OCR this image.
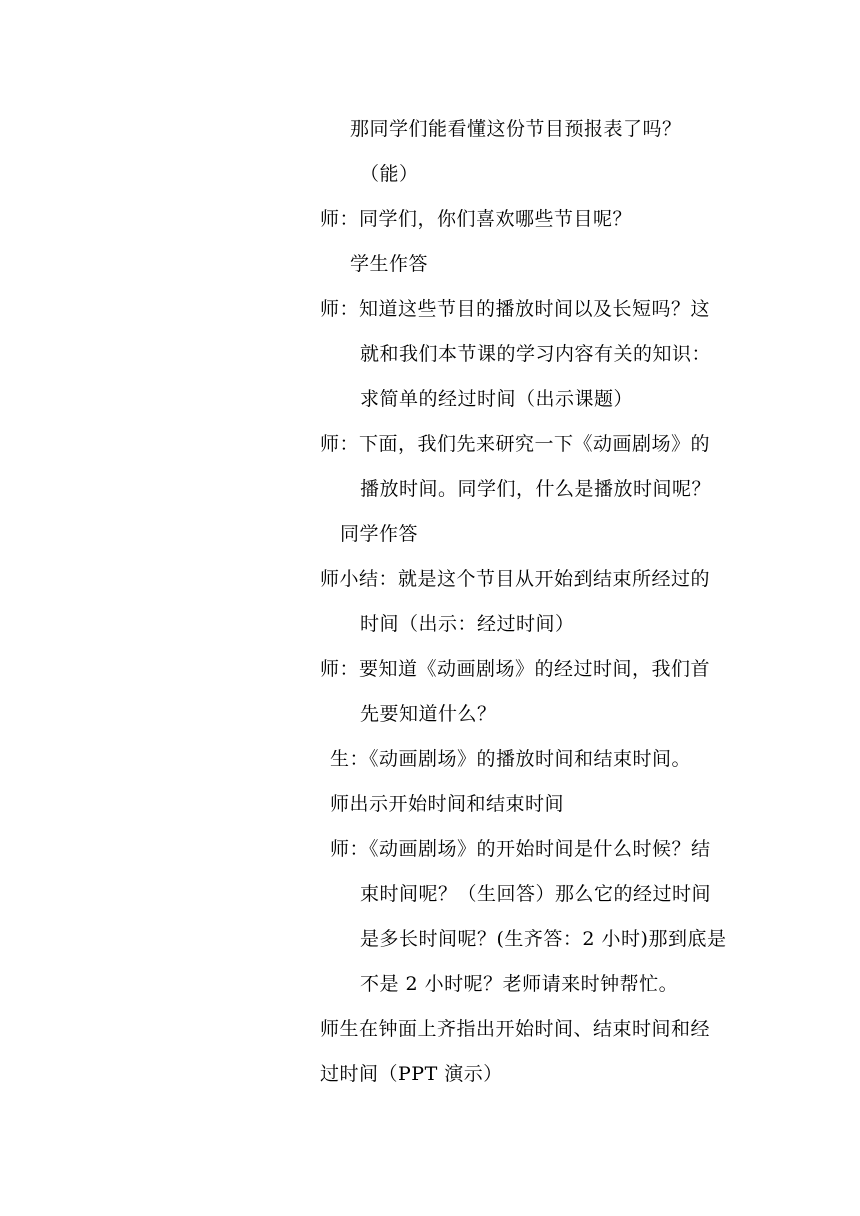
那同学们能看懂这份节目预报表了吗？
（能）
师：同学们，你们喜欢哪些节目呢？
学生作答
师：知道这些节目的播放时间以及长短吗？这
就和我们本节课的学习内容有关的知识：
求简单的经过时间（出示课题）
师：下面，我们先来研究一下《动画剧场》的
播放时间。同学们，什么是播放时间呢？
同学作答
师小结：就是这个节目从开始到结束所经过的
时间（出示：经过时间）
师：要知道《动画剧场》的经过时间，我们首
先要知道什么？
生：《动画剧场》的播放时间和结束时间。
师出示开始时间和结束时间
师：《动画剧场》的开始时间是什么时候？结
束时间呢？（生回答）那么它的经过时间
是多长时间呢？(生齐答：2 小时)那到底是
不是 2 小时呢？老师请来时钟帮忙。
师生在钟面上齐指出开始时间、结束时间和经
过时间（PPT 演示）
